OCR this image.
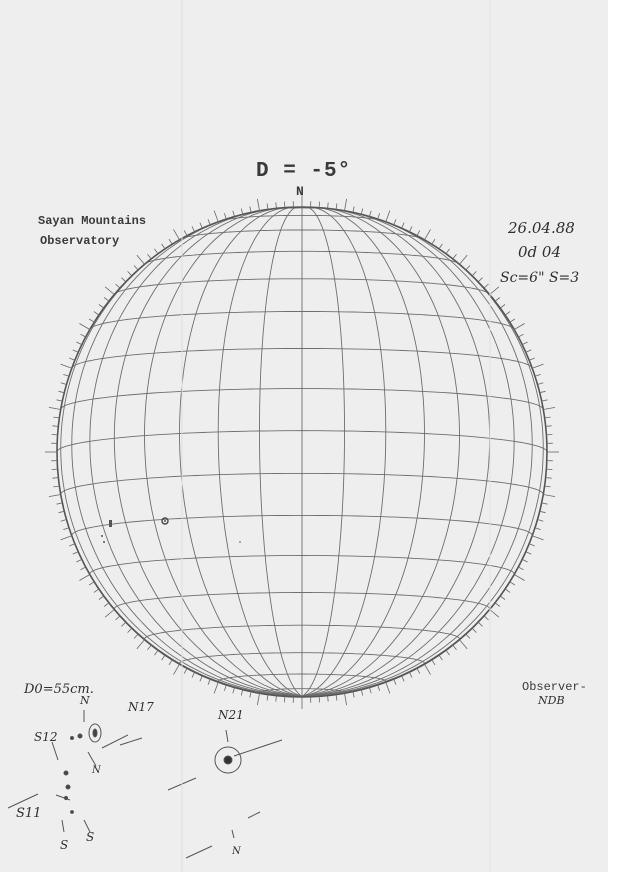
D = -5°
N
Sayan Mountains
Observatory
26.04.88
0d 04
Sc=6" S=3
D0=55cm.	Observer-
NDB
N17
N
S12
N
N21
S11
S
S
N
